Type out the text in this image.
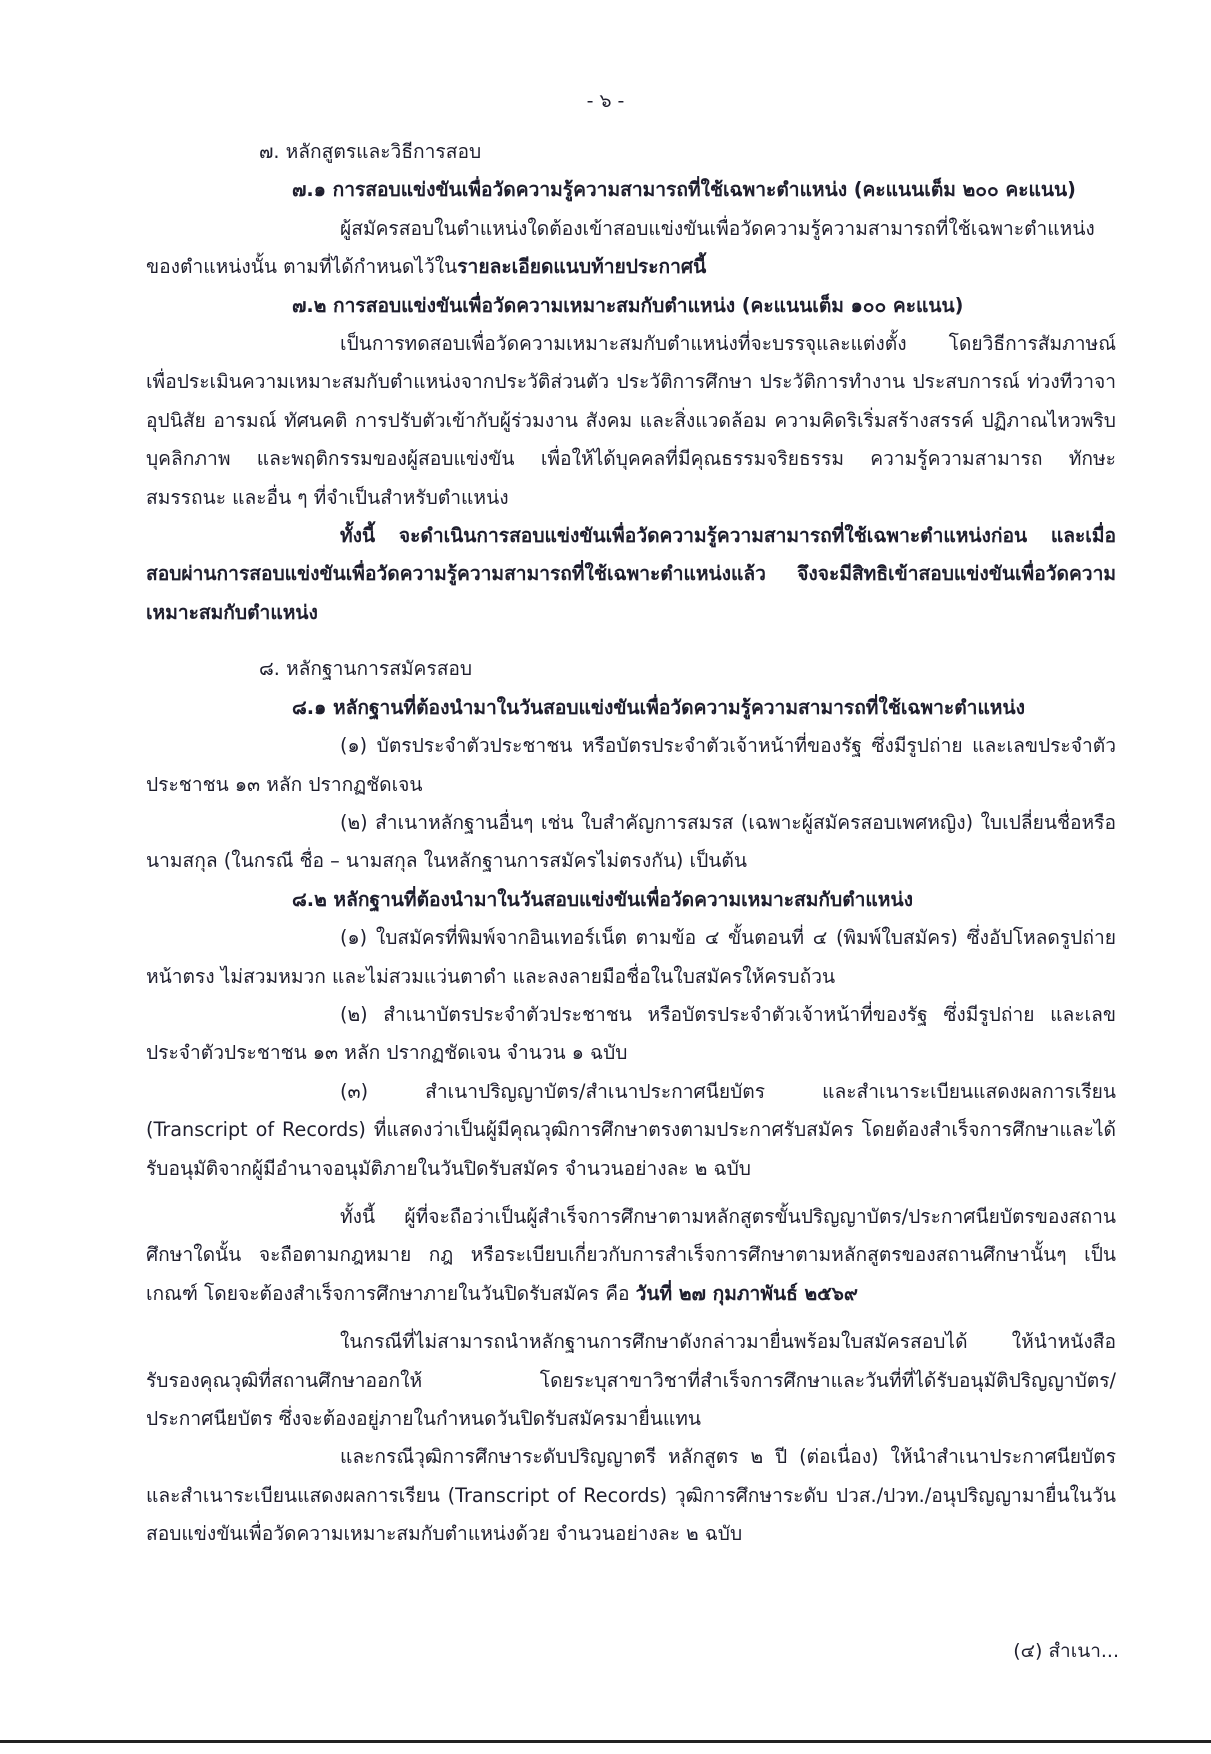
- ๖ -

๗. หลักสูตรและวิธีการสอบ

๗.๑ การสอบแข่งขันเพื่อวัดความรู้ความสามารถที่ใช้เฉพาะตำแหน่ง (คะแนนเต็ม ๒๐๐ คะแนน)

ผู้สมัครสอบในตำแหน่งใดต้องเข้าสอบแข่งขันเพื่อวัดความรู้ความสามารถที่ใช้เฉพาะตำแหน่งของตำแหน่งนั้น ตามที่ได้กำหนดไว้ในรายละเอียดแนบท้ายประกาศนี้

๗.๒ การสอบแข่งขันเพื่อวัดความเหมาะสมกับตำแหน่ง (คะแนนเต็ม ๑๐๐ คะแนน)

เป็นการทดสอบเพื่อวัดความเหมาะสมกับตำแหน่งที่จะบรรจุและแต่งตั้ง โดยวิธีการสัมภาษณ์ เพื่อประเมินความเหมาะสมกับตำแหน่งจากประวัติส่วนตัว ประวัติการศึกษา ประวัติการทำงาน ประสบการณ์ ท่วงทีวาจา อุปนิสัย อารมณ์ ทัศนคติ การปรับตัวเข้ากับผู้ร่วมงาน สังคม และสิ่งแวดล้อม ความคิดริเริ่มสร้างสรรค์ ปฏิภาณไหวพริบ บุคลิกภาพ และพฤติกรรมของผู้สอบแข่งขัน เพื่อให้ได้บุคคลที่มีคุณธรรมจริยธรรม ความรู้ความสามารถ ทักษะ สมรรถนะ และอื่น ๆ ที่จำเป็นสำหรับตำแหน่ง

ทั้งนี้ จะดำเนินการสอบแข่งขันเพื่อวัดความรู้ความสามารถที่ใช้เฉพาะตำแหน่งก่อน และเมื่อสอบผ่านการสอบแข่งขันเพื่อวัดความรู้ความสามารถที่ใช้เฉพาะตำแหน่งแล้ว จึงจะมีสิทธิเข้าสอบแข่งขันเพื่อวัดความเหมาะสมกับตำแหน่ง

๘. หลักฐานการสมัครสอบ

๘.๑ หลักฐานที่ต้องนำมาในวันสอบแข่งขันเพื่อวัดความรู้ความสามารถที่ใช้เฉพาะตำแหน่ง

(๑) บัตรประจำตัวประชาชน หรือบัตรประจำตัวเจ้าหน้าที่ของรัฐ ซึ่งมีรูปถ่าย และเลขประจำตัวประชาชน ๑๓ หลัก ปรากฏชัดเจน

(๒) สำเนาหลักฐานอื่นๆ เช่น ใบสำคัญการสมรส (เฉพาะผู้สมัครสอบเพศหญิง) ใบเปลี่ยนชื่อหรือนามสกุล (ในกรณี ชื่อ – นามสกุล ในหลักฐานการสมัครไม่ตรงกัน) เป็นต้น

๘.๒ หลักฐานที่ต้องนำมาในวันสอบแข่งขันเพื่อวัดความเหมาะสมกับตำแหน่ง

(๑) ใบสมัครที่พิมพ์จากอินเทอร์เน็ต ตามข้อ ๔ ขั้นตอนที่ ๔ (พิมพ์ใบสมัคร) ซึ่งอัปโหลดรูปถ่ายหน้าตรง ไม่สวมหมวก และไม่สวมแว่นตาดำ และลงลายมือชื่อในใบสมัครให้ครบถ้วน

(๒) สำเนาบัตรประจำตัวประชาชน หรือบัตรประจำตัวเจ้าหน้าที่ของรัฐ ซึ่งมีรูปถ่าย และเลขประจำตัวประชาชน ๑๓ หลัก ปรากฏชัดเจน จำนวน ๑ ฉบับ

(๓) สำเนาปริญญาบัตร/สำเนาประกาศนียบัตร และสำเนาระเบียนแสดงผลการเรียน (Transcript of Records) ที่แสดงว่าเป็นผู้มีคุณวุฒิการศึกษาตรงตามประกาศรับสมัคร โดยต้องสำเร็จการศึกษาและได้รับอนุมัติจากผู้มีอำนาจอนุมัติภายในวันปิดรับสมัคร จำนวนอย่างละ ๒ ฉบับ

ทั้งนี้ ผู้ที่จะถือว่าเป็นผู้สำเร็จการศึกษาตามหลักสูตรขั้นปริญญาบัตร/ประกาศนียบัตรของสถานศึกษาใดนั้น จะถือตามกฎหมาย กฎ หรือระเบียบเกี่ยวกับการสำเร็จการศึกษาตามหลักสูตรของสถานศึกษานั้นๆ เป็นเกณฑ์ โดยจะต้องสำเร็จการศึกษาภายในวันปิดรับสมัคร คือ วันที่ ๒๗ กุมภาพันธ์ ๒๕๖๙

ในกรณีที่ไม่สามารถนำหลักฐานการศึกษาดังกล่าวมายื่นพร้อมใบสมัครสอบได้ ให้นำหนังสือรับรองคุณวุฒิที่สถานศึกษาออกให้ โดยระบุสาขาวิชาที่สำเร็จการศึกษาและวันที่ที่ได้รับอนุมัติปริญญาบัตร/ประกาศนียบัตร ซึ่งจะต้องอยู่ภายในกำหนดวันปิดรับสมัครมายื่นแทน

และกรณีวุฒิการศึกษาระดับปริญญาตรี หลักสูตร ๒ ปี (ต่อเนื่อง) ให้นำสำเนาประกาศนียบัตรและสำเนาระเบียนแสดงผลการเรียน (Transcript of Records) วุฒิการศึกษาระดับ ปวส./ปวท./อนุปริญญามายื่นในวันสอบแข่งขันเพื่อวัดความเหมาะสมกับตำแหน่งด้วย จำนวนอย่างละ ๒ ฉบับ

(๔) สำเนา...
